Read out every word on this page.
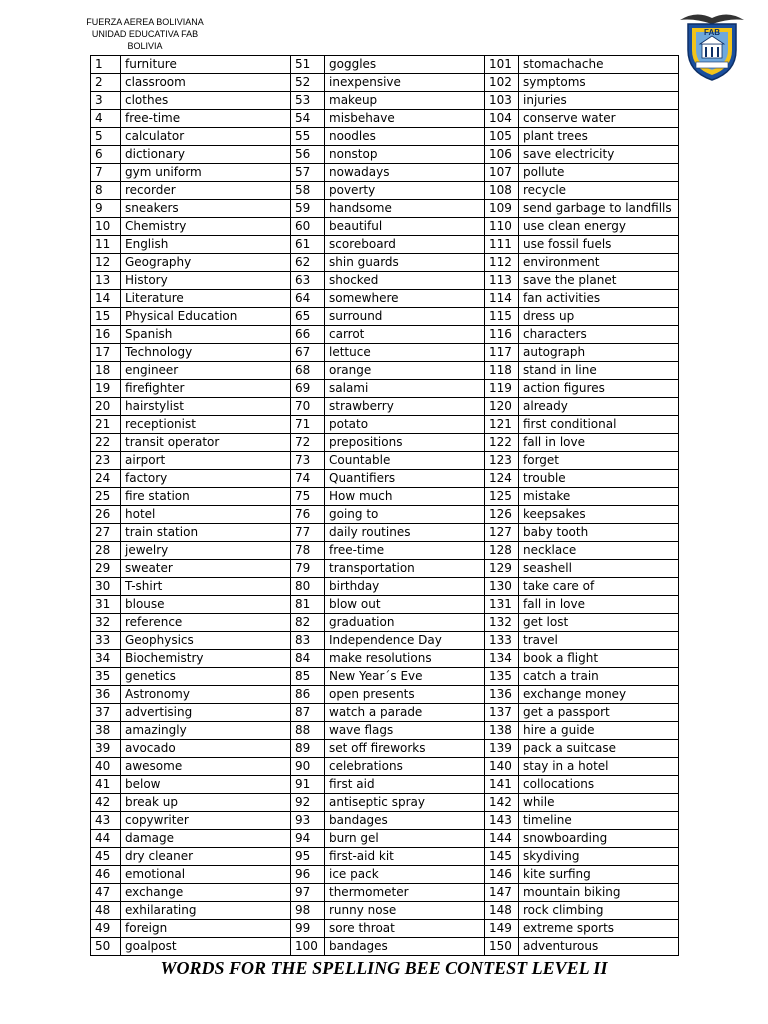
FUERZA AEREA BOLIVIANA
UNIDAD EDUCATIVA FAB
BOLIVIA
FAB
1	furniture	51	goggles	101	stomachache
2	classroom	52	inexpensive	102	symptoms
3	clothes	53	makeup	103	injuries
4	free-time	54	misbehave	104	conserve water
5	calculator	55	noodles	105	plant trees
6	dictionary	56	nonstop	106	save electricity
7	gym uniform	57	nowadays	107	pollute
8	recorder	58	poverty	108	recycle
9	sneakers	59	handsome	109	send garbage to landfills
10	Chemistry	60	beautiful	110	use clean energy
11	English	61	scoreboard	111	use fossil fuels
12	Geography	62	shin guards	112	environment
13	History	63	shocked	113	save the planet
14	Literature	64	somewhere	114	fan activities
15	Physical Education	65	surround	115	dress up
16	Spanish	66	carrot	116	characters
17	Technology	67	lettuce	117	autograph
18	engineer	68	orange	118	stand in line
19	firefighter	69	salami	119	action figures
20	hairstylist	70	strawberry	120	already
21	receptionist	71	potato	121	first conditional
22	transit operator	72	prepositions	122	fall in love
23	airport	73	Countable	123	forget
24	factory	74	Quantifiers	124	trouble
25	fire station	75	How much	125	mistake
26	hotel	76	going to	126	keepsakes
27	train station	77	daily routines	127	baby tooth
28	jewelry	78	free-time	128	necklace
29	sweater	79	transportation	129	seashell
30	T-shirt	80	birthday	130	take care of
31	blouse	81	blow out	131	fall in love
32	reference	82	graduation	132	get lost
33	Geophysics	83	Independence Day	133	travel
34	Biochemistry	84	make resolutions	134	book a flight
35	genetics	85	New Year´s Eve	135	catch a train
36	Astronomy	86	open presents	136	exchange money
37	advertising	87	watch a parade	137	get a passport
38	amazingly	88	wave flags	138	hire a guide
39	avocado	89	set off fireworks	139	pack a suitcase
40	awesome	90	celebrations	140	stay in a hotel
41	below	91	first aid	141	collocations
42	break up	92	antiseptic spray	142	while
43	copywriter	93	bandages	143	timeline
44	damage	94	burn gel	144	snowboarding
45	dry cleaner	95	first-aid kit	145	skydiving
46	emotional	96	ice pack	146	kite surfing
47	exchange	97	thermometer	147	mountain biking
48	exhilarating	98	runny nose	148	rock climbing
49	foreign	99	sore throat	149	extreme sports
50	goalpost	100	bandages	150	adventurous
WORDS FOR THE SPELLING BEE CONTEST LEVEL II
